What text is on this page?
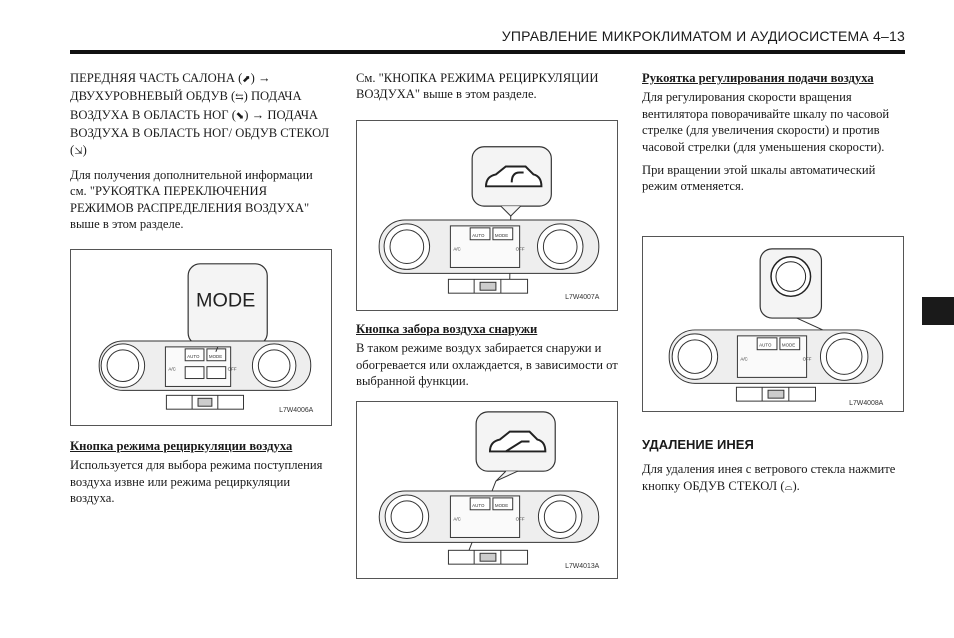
УПРАВЛЕНИЕ МИКРОКЛИМАТОМ И АУДИОСИСТЕМА 4–13

ПЕРЕДНЯЯ ЧАСТЬ САЛОНА (⬈) → ДВУХУРОВНЕВЫЙ ОБДУВ (⇆) ПОДАЧА ВОЗДУХА В ОБЛАСТЬ НОГ (⬊) → ПОДАЧА ВОЗДУХА В ОБЛАСТЬ НОГ/ ОБДУВ СТЕКОЛ (⇲)

Для получения дополнительной информации см. "РУКОЯТКА ПЕРЕКЛЮЧЕНИЯ РЕЖИМОВ РАСПРЕДЕЛЕНИЯ ВОЗДУХА" выше в этом разделе.

Кнопка режима рециркуляции воздуха

Используется для выбора режима поступления воздуха извне или режима рециркуляции воздуха.

См. "КНОПКА РЕЖИМА РЕЦИРКУЛЯЦИИ ВОЗДУХА" выше в этом разделе.

Кнопка забора воздуха снаружи

В таком режиме воздух забирается снаружи и обогревается или охлаждается, в зависимости от выбранной функции.

Рукоятка регулирования подачи воздуха

Для регулирования скорости вращения вентилятора поворачивайте шкалу по часовой стрелке (для увеличения скорости) и против часовой стрелки (для уменьшения скорости).

При вращении этой шкалы автоматический режим отменяется.

УДАЛЕНИЕ ИНЕЯ

Для удаления инея с ветрового стекла нажмите кнопку ОБДУВ СТЕКОЛ (⌓).

MODE
AUTO MODE
A/C	OFF
L7W4006A
AUTO MODE
A/C	OFF
L7W4007A
AUTO MODE
A/C	OFF
L7W4013A
AUTO MODE
A/C	OFF
L7W4008A
